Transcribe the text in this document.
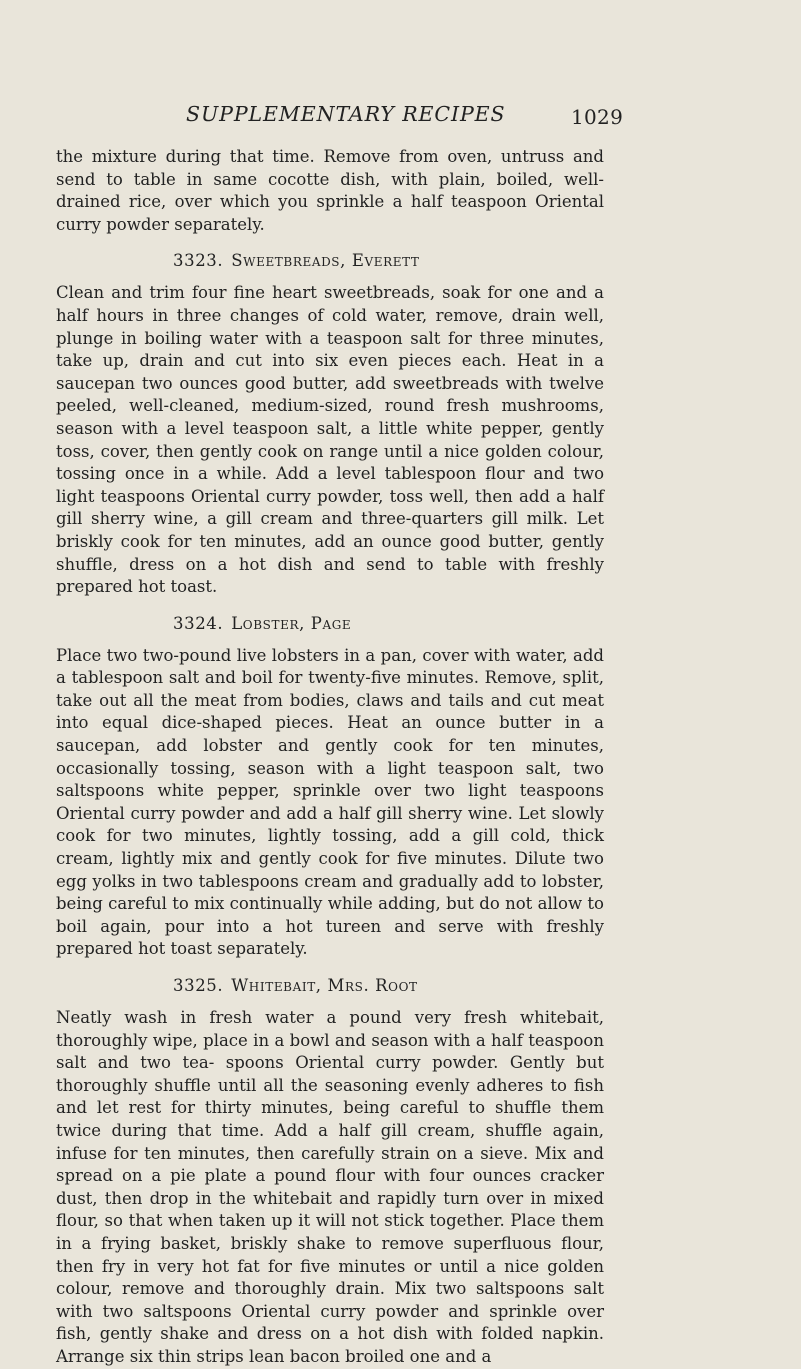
SUPPLEMENTARY RECIPES	1029

the mixture during that time. Remove from oven, untruss and send to table in same cocotte dish, with plain, boiled, well-drained rice, over which you sprinkle a half teaspoon Oriental curry powder separately.

3323. Sweetbreads, Everett

Clean and trim four fine heart sweetbreads, soak for one and a half hours in three changes of cold water, remove, drain well, plunge in boiling water with a teaspoon salt for three minutes, take up, drain and cut into six even pieces each. Heat in a saucepan two ounces good butter, add sweetbreads with twelve peeled, well-cleaned, medium-sized, round fresh mushrooms, season with a level teaspoon salt, a little white pepper, gently toss, cover, then gently cook on range until a nice golden colour, tossing once in a while. Add a level tablespoon flour and two light teaspoons Oriental curry powder, toss well, then add a half gill sherry wine, a gill cream and three-quarters gill milk. Let briskly cook for ten minutes, add an ounce good butter, gently shuffle, dress on a hot dish and send to table with freshly prepared hot toast.

3324. Lobster, Page

Place two two-pound live lobsters in a pan, cover with water, add a tablespoon salt and boil for twenty-five minutes. Remove, split, take out all the meat from bodies, claws and tails and cut meat into equal dice-shaped pieces. Heat an ounce butter in a saucepan, add lobster and gently cook for ten minutes, occasionally tossing, season with a light teaspoon salt, two saltspoons white pepper, sprinkle over two light teaspoons Oriental curry powder and add a half gill sherry wine. Let slowly cook for two minutes, lightly tossing, add a gill cold, thick cream, lightly mix and gently cook for five minutes. Dilute two egg yolks in two tablespoons cream and gradually add to lobster, being careful to mix continually while adding, but do not allow to boil again, pour into a hot tureen and serve with freshly prepared hot toast separately.

3325. Whitebait, Mrs. Root

Neatly wash in fresh water a pound very fresh whitebait, thoroughly wipe, place in a bowl and season with a half teaspoon salt and two tea- spoons Oriental curry powder. Gently but thoroughly shuffle until all the seasoning evenly adheres to fish and let rest for thirty minutes, being careful to shuffle them twice during that time. Add a half gill cream, shuffle again, infuse for ten minutes, then carefully strain on a sieve. Mix and spread on a pie plate a pound flour with four ounces cracker dust, then drop in the whitebait and rapidly turn over in mixed flour, so that when taken up it will not stick together. Place them in a frying basket, briskly shake to remove superfluous flour, then fry in very hot fat for five minutes or until a nice golden colour, remove and thoroughly drain. Mix two saltspoons salt with two saltspoons Oriental curry powder and sprinkle over fish, gently shake and dress on a hot dish with folded napkin. Arrange six thin strips lean bacon broiled one and a
